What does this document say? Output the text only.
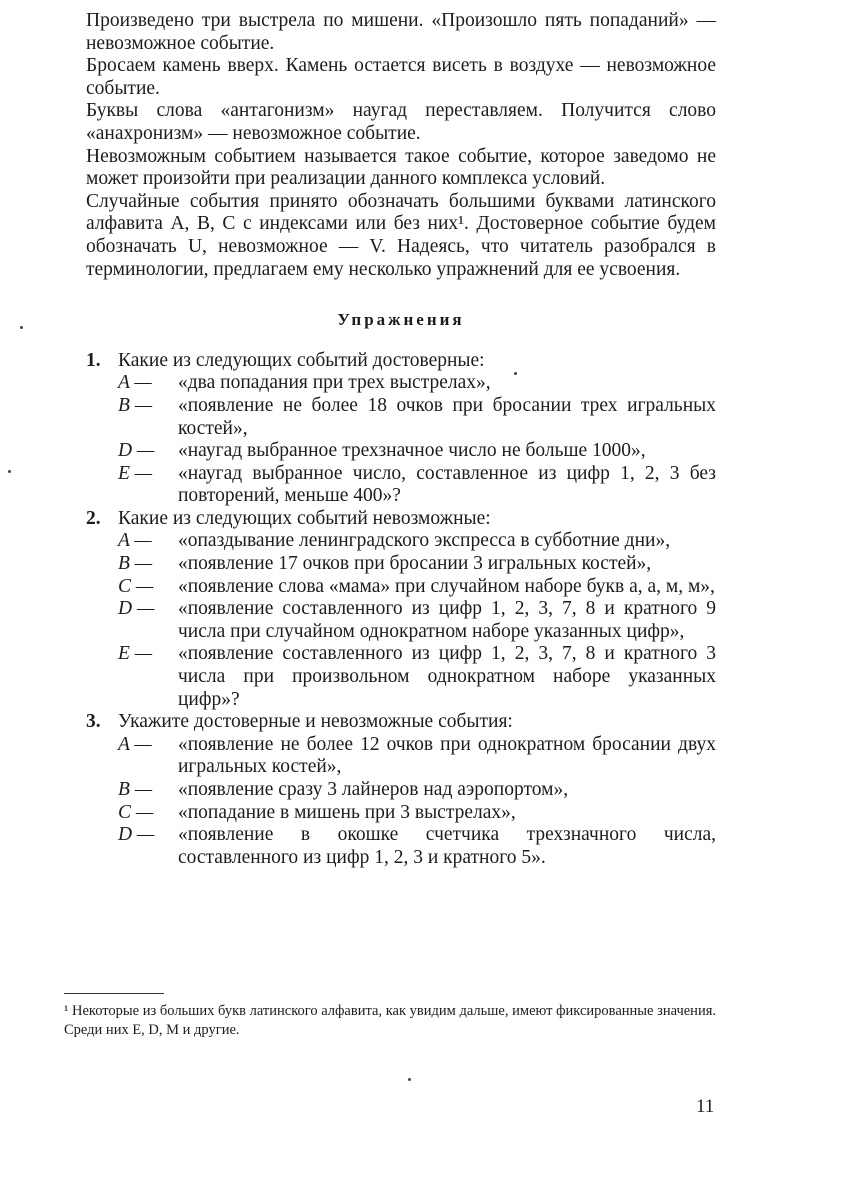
Произведено три выстрела по мишени. «Произошло пять попаданий» — невозможное событие.

Бросаем камень вверх. Камень остается висеть в воздухе — невозможное событие.

Буквы слова «антагонизм» наугад переставляем. Получится слово «анахронизм» — невозможное событие.

Невозможным событием называется такое событие, которое заведомо не может произойти при реализации данного комплекса условий.

Случайные события принято обозначать большими буквами латинского алфавита A, B, C с индексами или без них¹. Достоверное событие будем обозначать U, невозможное — V. Надеясь, что читатель разобрался в терминологии, предлагаем ему несколько упражнений для ее усвоения.

Упражнения
1. Какие из следующих событий достоверные:
A —	«два попадания при трех выстрелах»,
B —	«появление не более 18 очков при бросании трех игральных костей»,
D —	«наугад выбранное трехзначное число не больше 1000»,
E —	«наугад выбранное число, составленное из цифр 1, 2, 3 без повторений, меньше 400»?
2. Какие из следующих событий невозможные:
A —	«опаздывание ленинградского экспресса в субботние дни»,
B —	«появление 17 очков при бросании 3 игральных костей»,
C —	«появление слова «мама» при случайном наборе букв а, а, м, м»,
D —	«появление составленного из цифр 1, 2, 3, 7, 8 и кратного 9 числа при случайном однократном наборе указанных цифр»,
E —	«появление составленного из цифр 1, 2, 3, 7, 8 и кратного 3 числа при произвольном однократном наборе указанных цифр»?
3. Укажите достоверные и невозможные события:
A —	«появление не более 12 очков при однократном бросании двух игральных костей»,
B —	«появление сразу 3 лайнеров над аэропортом»,
C —	«попадание в мишень при 3 выстрелах»,
D —	«появление в окошке счетчика трехзначного числа, составленного из цифр 1, 2, 3 и кратного 5».
¹ Некоторые из больших букв латинского алфавита, как увидим дальше, имеют фиксированные значения. Среди них E, D, M и другие.
11
